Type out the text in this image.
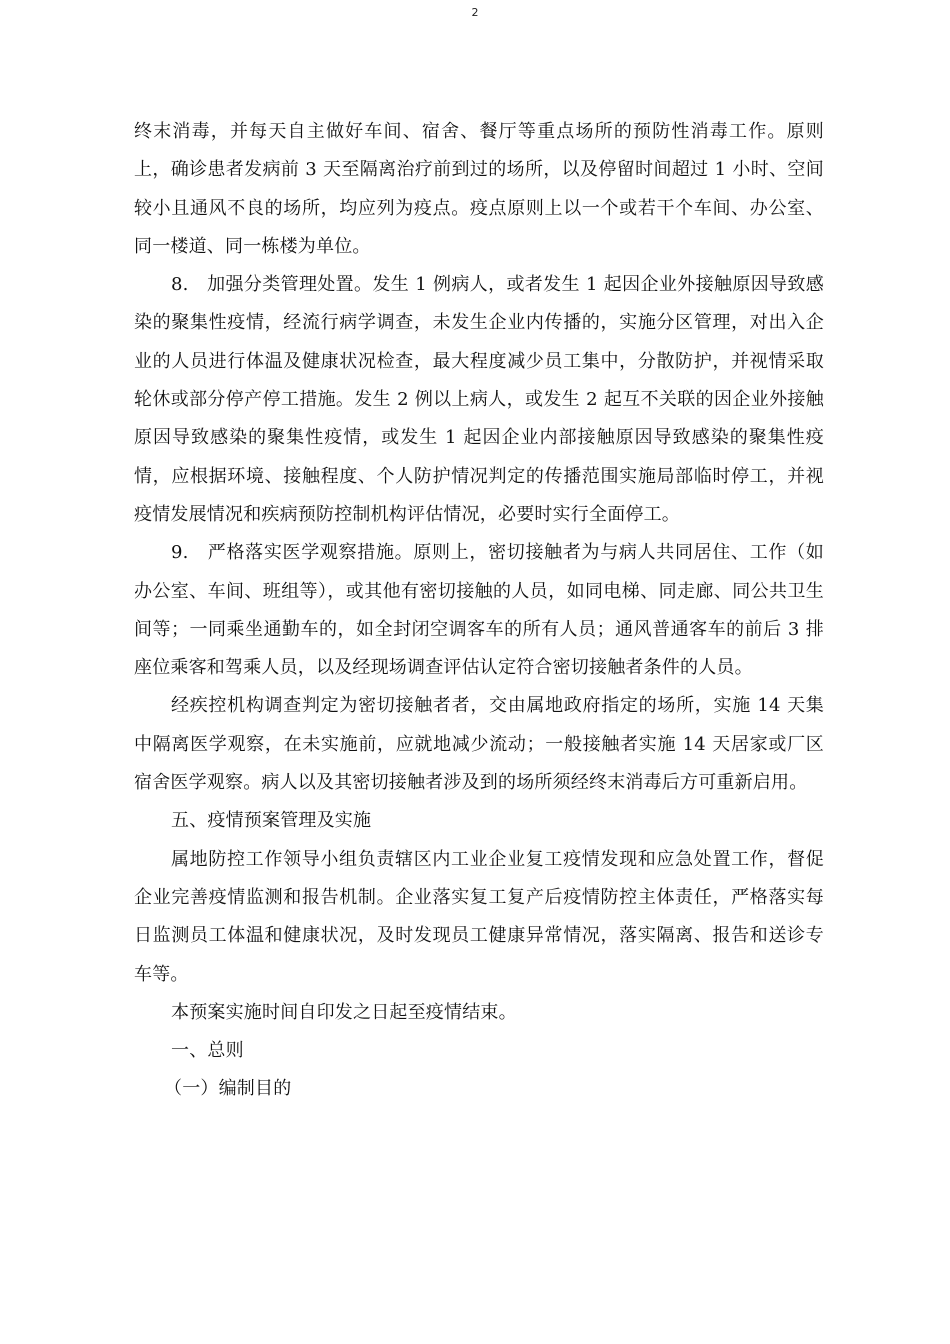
2

终末消毒，并每天自主做好车间、宿舍、餐厅等重点场所的预防性消毒工作。原则上，确诊患者发病前 3 天至隔离治疗前到过的场所，以及停留时间超过 1 小时、空间较小且通风不良的场所，均应列为疫点。疫点原则上以一个或若干个车间、办公室、同一楼道、同一栋楼为单位。

8.　加强分类管理处置。发生 1 例病人，或者发生 1 起因企业外接触原因导致感染的聚集性疫情，经流行病学调查，未发生企业内传播的，实施分区管理，对出入企业的人员进行体温及健康状况检查，最大程度减少员工集中，分散防护，并视情采取轮休或部分停产停工措施。发生 2 例以上病人，或发生 2 起互不关联的因企业外接触原因导致感染的聚集性疫情，或发生 1 起因企业内部接触原因导致感染的聚集性疫情，应根据环境、接触程度、个人防护情况判定的传播范围实施局部临时停工，并视疫情发展情况和疾病预防控制机构评估情况，必要时实行全面停工。

9.　严格落实医学观察措施。原则上，密切接触者为与病人共同居住、工作（如办公室、车间、班组等），或其他有密切接触的人员，如同电梯、同走廊、同公共卫生间等；一同乘坐通勤车的，如全封闭空调客车的所有人员；通风普通客车的前后 3 排座位乘客和驾乘人员，以及经现场调查评估认定符合密切接触者条件的人员。

经疾控机构调查判定为密切接触者者，交由属地政府指定的场所，实施 14 天集中隔离医学观察，在未实施前，应就地减少流动；一般接触者实施 14 天居家或厂区宿舍医学观察。病人以及其密切接触者涉及到的场所须经终末消毒后方可重新启用。

五、疫情预案管理及实施

属地防控工作领导小组负责辖区内工业企业复工疫情发现和应急处置工作，督促企业完善疫情监测和报告机制。企业落实复工复产后疫情防控主体责任，严格落实每日监测员工体温和健康状况，及时发现员工健康异常情况，落实隔离、报告和送诊专车等。

本预案实施时间自印发之日起至疫情结束。

一、总则

（一）编制目的
